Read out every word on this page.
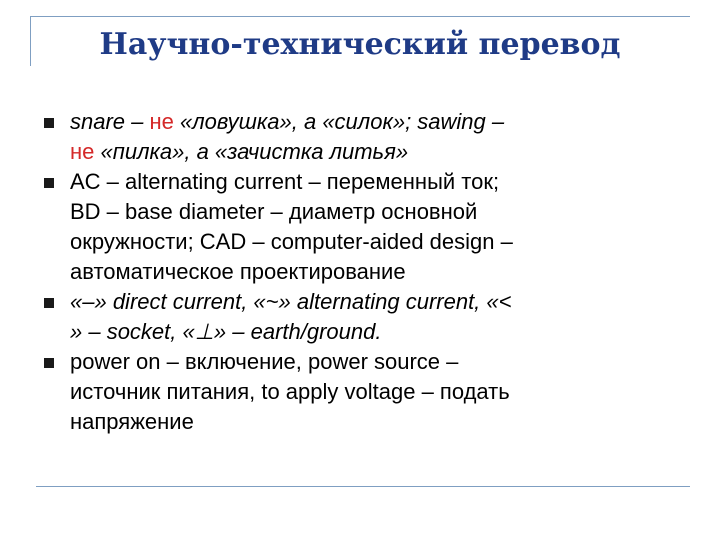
Научно-технический перевод
snare – не «ловушка», а «силок»; sawing –
не «пилка», а «зачистка литья»
AC – alternating current – переменный ток;
BD – base diameter – диаметр основной
окружности; CAD – computer-aided design –
автоматическое проектирование
«–» direct current, «~» alternating current, «<
» – socket, «⊥» – earth/ground.
power on – включение, power source –
источник питания, to apply voltage – подать
напряжение
